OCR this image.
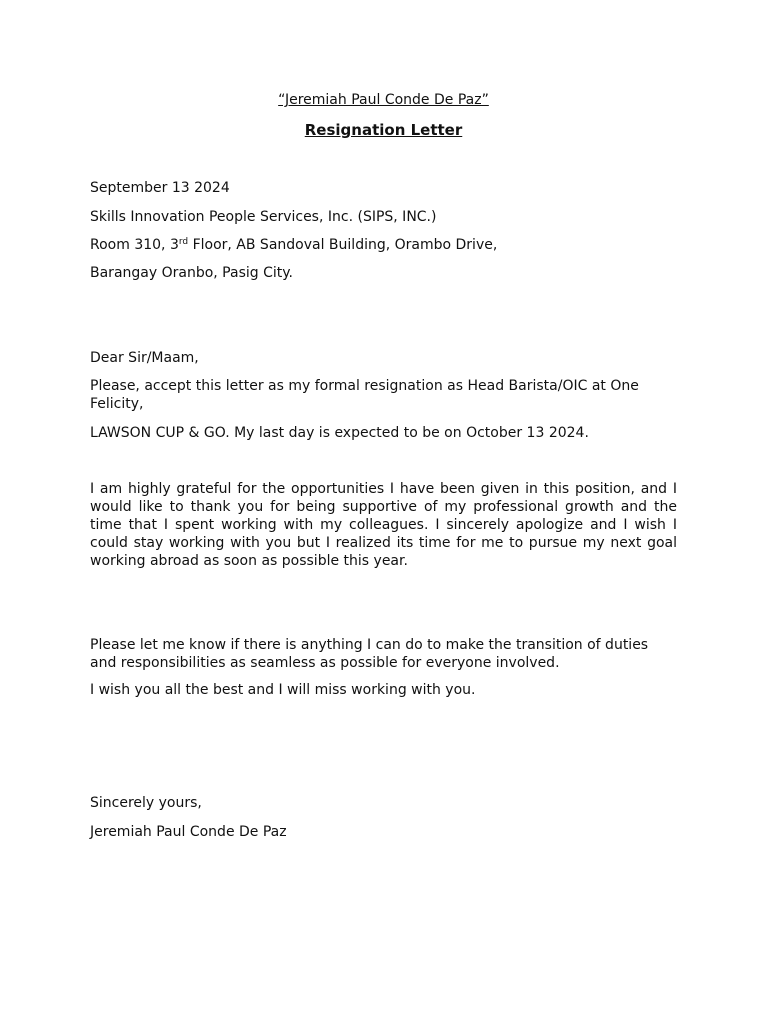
“Jeremiah Paul Conde De Paz”

Resignation Letter

September 13 2024

Skills Innovation People Services, Inc. (SIPS, INC.)

Room 310, 3rd Floor, AB Sandoval Building, Orambo Drive,

Barangay Oranbo, Pasig City.

Dear Sir/Maam,

Please, accept this letter as my formal resignation as Head Barista/OIC at One Felicity,

LAWSON CUP & GO. My last day is expected to be on October 13 2024.

I am highly grateful for the opportunities I have been given in this position, and I would like to thank you for being supportive of my professional growth and the time that I spent working with my colleagues. I sincerely apologize and I wish I could stay working with you but I realized its time for me to pursue my next goal working abroad as soon as possible this year.

Please let me know if there is anything I can do to make the transition of duties and responsibilities as seamless as possible for everyone involved.

I wish you all the best and I will miss working with you.

Sincerely yours,

Jeremiah Paul Conde De Paz
